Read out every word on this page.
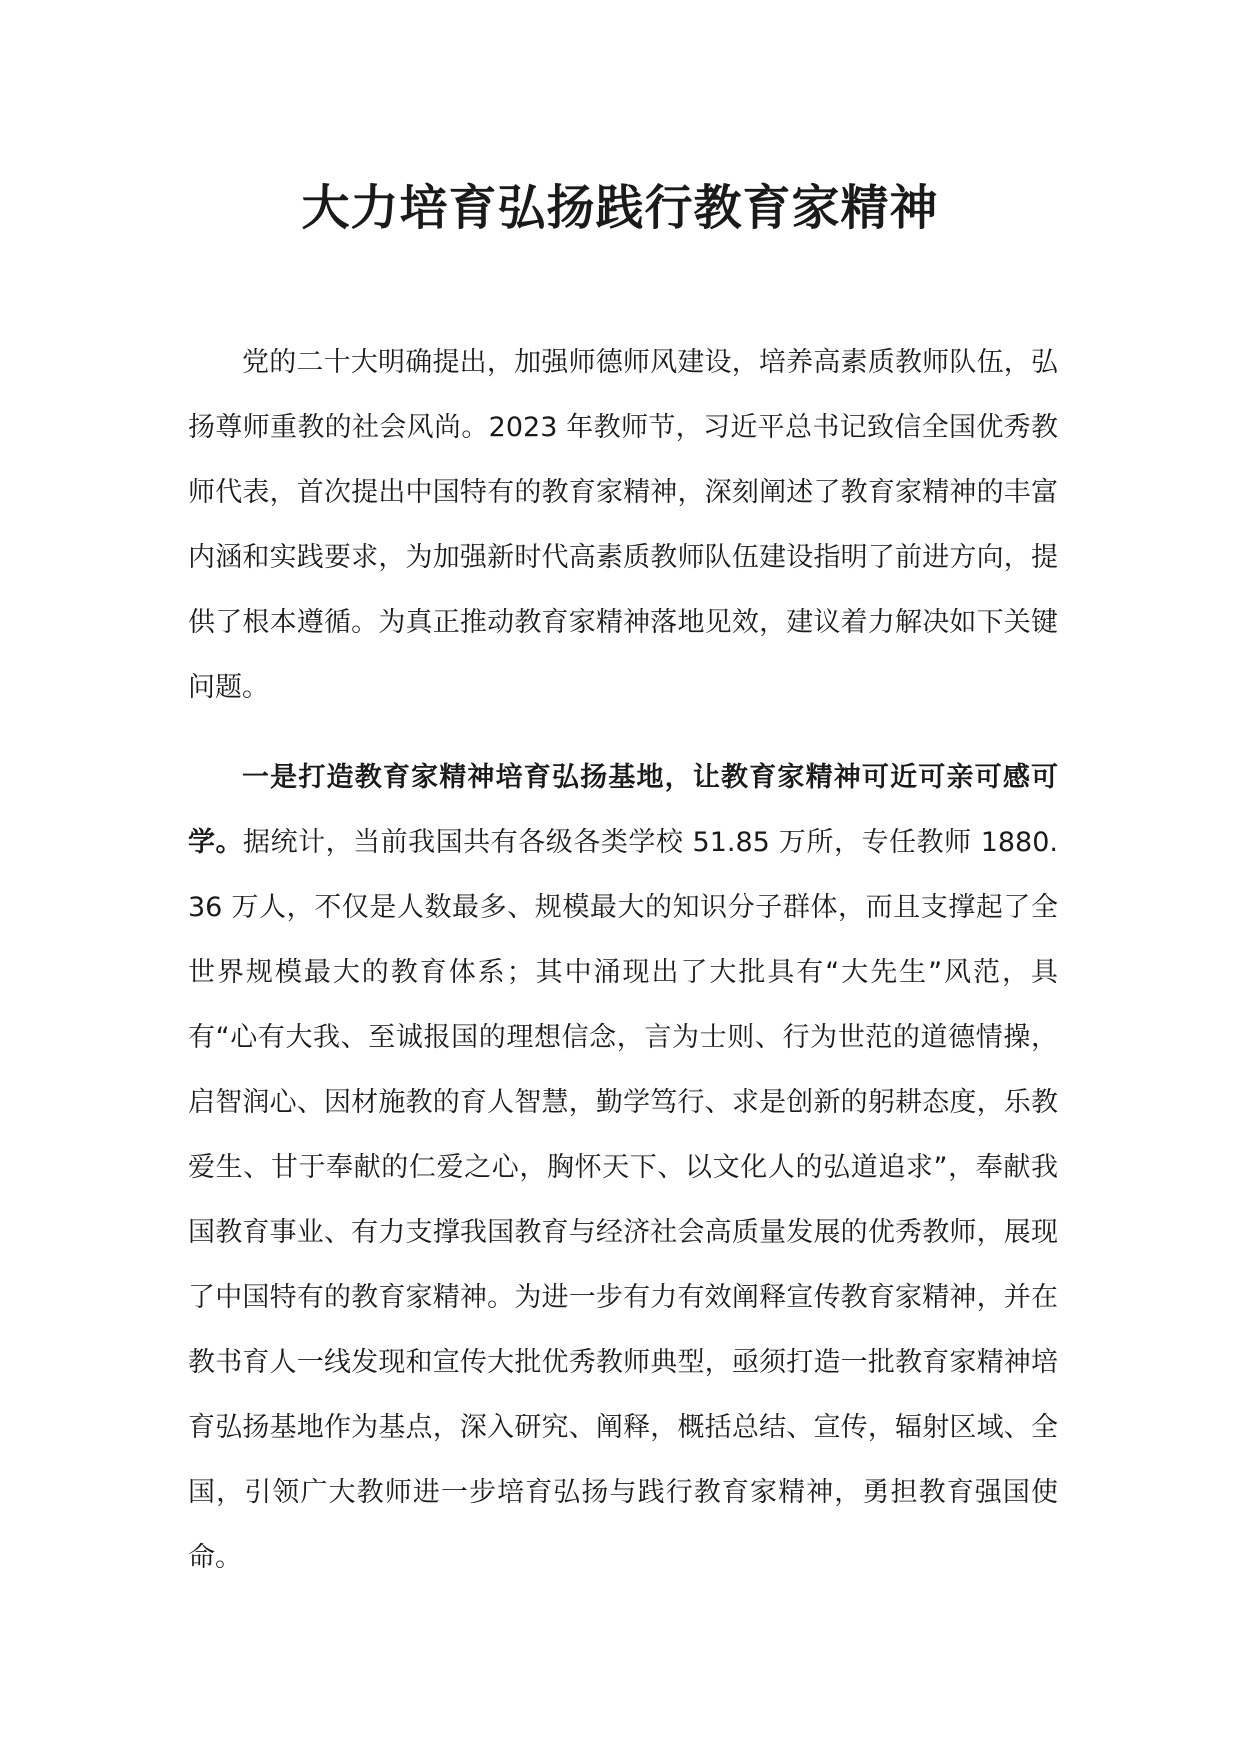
大力培育弘扬践行教育家精神

党的二十大明确提出，加强师德师风建设，培养高素质教师队伍，弘扬尊师重教的社会风尚。2023 年教师节，习近平总书记致信全国优秀教师代表，首次提出中国特有的教育家精神，深刻阐述了教育家精神的丰富内涵和实践要求，为加强新时代高素质教师队伍建设指明了前进方向，提供了根本遵循。为真正推动教育家精神落地见效，建议着力解决如下关键问题。

一是打造教育家精神培育弘扬基地，让教育家精神可近可亲可感可学。据统计，当前我国共有各级各类学校 51.85 万所，专任教师 1880.36 万人，不仅是人数最多、规模最大的知识分子群体，而且支撑起了全世界规模最大的教育体系；其中涌现出了大批具有“大先生”风范，具有“心有大我、至诚报国的理想信念，言为士则、行为世范的道德情操，启智润心、因材施教的育人智慧，勤学笃行、求是创新的躬耕态度，乐教爱生、甘于奉献的仁爱之心，胸怀天下、以文化人的弘道追求”，奉献我国教育事业、有力支撑我国教育与经济社会高质量发展的优秀教师，展现了中国特有的教育家精神。为进一步有力有效阐释宣传教育家精神，并在教书育人一线发现和宣传大批优秀教师典型，亟须打造一批教育家精神培育弘扬基地作为基点，深入研究、阐释，概括总结、宣传，辐射区域、全国，引领广大教师进一步培育弘扬与践行教育家精神，勇担教育强国使命。
